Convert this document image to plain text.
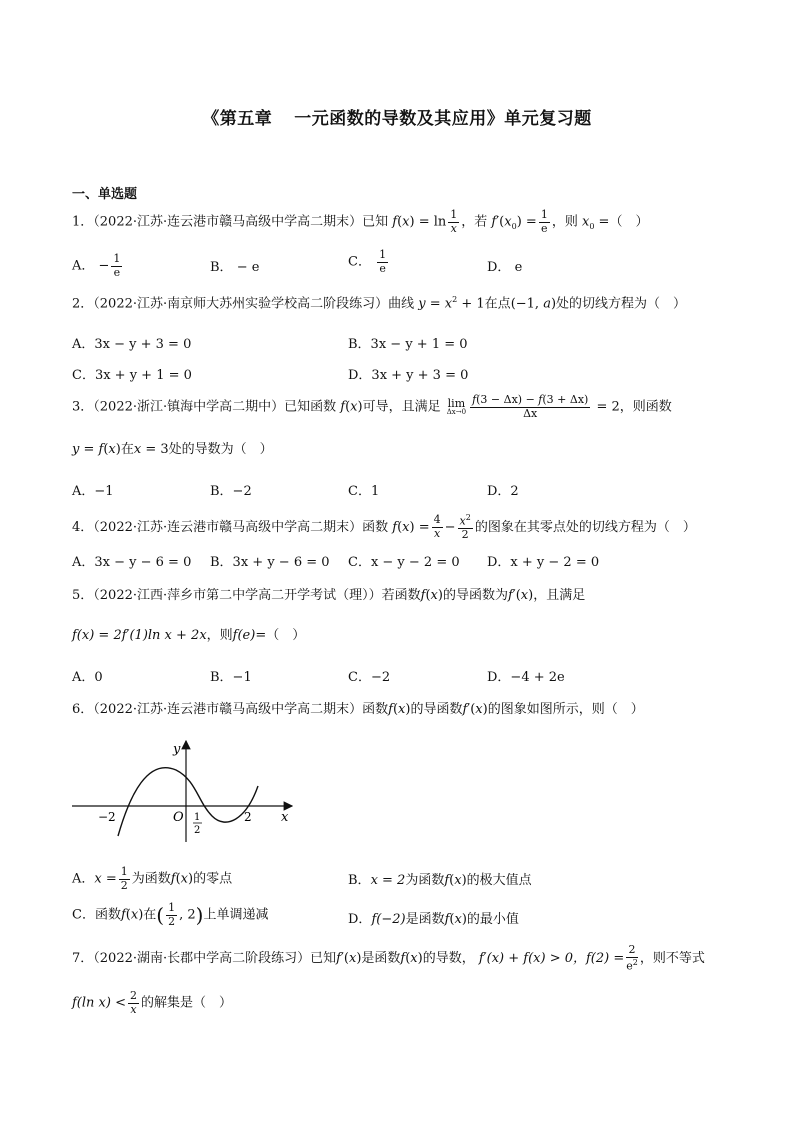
《第五章 一元函数的导数及其应用》单元复习题
一、单选题
1．（2022·江苏·连云港市赣马高级中学高二期末）已知 $f(x) = \ln \frac{1}{x}$ ，若 $f'(x_0) = \frac{1}{e}$ ，则 $x_0$ =（　）
A． − $\frac{1}{e}$	B． − e	C． $\frac{1}{e}$	D． e
2．（2022·江苏·南京师大苏州实验学校高二阶段练习）曲线 $y = x^2 + 1$在点(−1, a)处的切线方程为（　）
A．3x − y + 3 = 0	B．3x − y + 1 = 0
C．3x + y + 1 = 0	D．3x + y + 3 = 0
3．（2022·浙江·镇海中学高二期中）已知函数 f(x)可导，且满足 lim
$\Delta x\to 0 \frac{f(3 - \Delta x) - f(3 + \Delta x)}{\Delta x} = 2$，则函数
y = f(x)在x = 3处的导数为（　）
A．−1	B．−2	C．1	D．2
4．（2022·江苏·连云港市赣马高级中学高二期末）函数 $f(x) = \frac{4}{x} - \frac{x^2}{2}$ 的图象在其零点处的切线方程为（　）
A．3x − y − 6 = 0 B．3x + y − 6 = 0 C．x − y − 2 = 0 D．x + y − 2 = 0
5．（2022·江西·萍乡市第二中学高二开学考试（理））若函数f(x)的导函数为f′(x)，且满足
f(x) = 2f′(1)ln x + 2x，则f(e)=（　）
A．0	B．−1	C．−2	D．−4 + 2e
6．（2022·江苏·连云港市赣马高级中学高二期末）函数f(x)的导函数f′(x)的图象如图所示，则（　）
y
x
O
−2	2
1
2
A．$x = \frac{1}{2}$ 为函数f(x)的零点	B．x = 2为函数f(x)的极大值点
C．函数f(x)在( $\frac{1}{2}$ , 2)上单调递减	D．f(−2)是函数f(x)的最小值
7．（2022·湖南·长郡中学高二阶段练习）已知f′(x)是函数f(x)的导数， f′(x) + f(x) > 0，$f(2) = \frac{2}{e^2}$ ，则不等式
f(ln $x) < \frac{2}{x}$ 的解集是（　）
